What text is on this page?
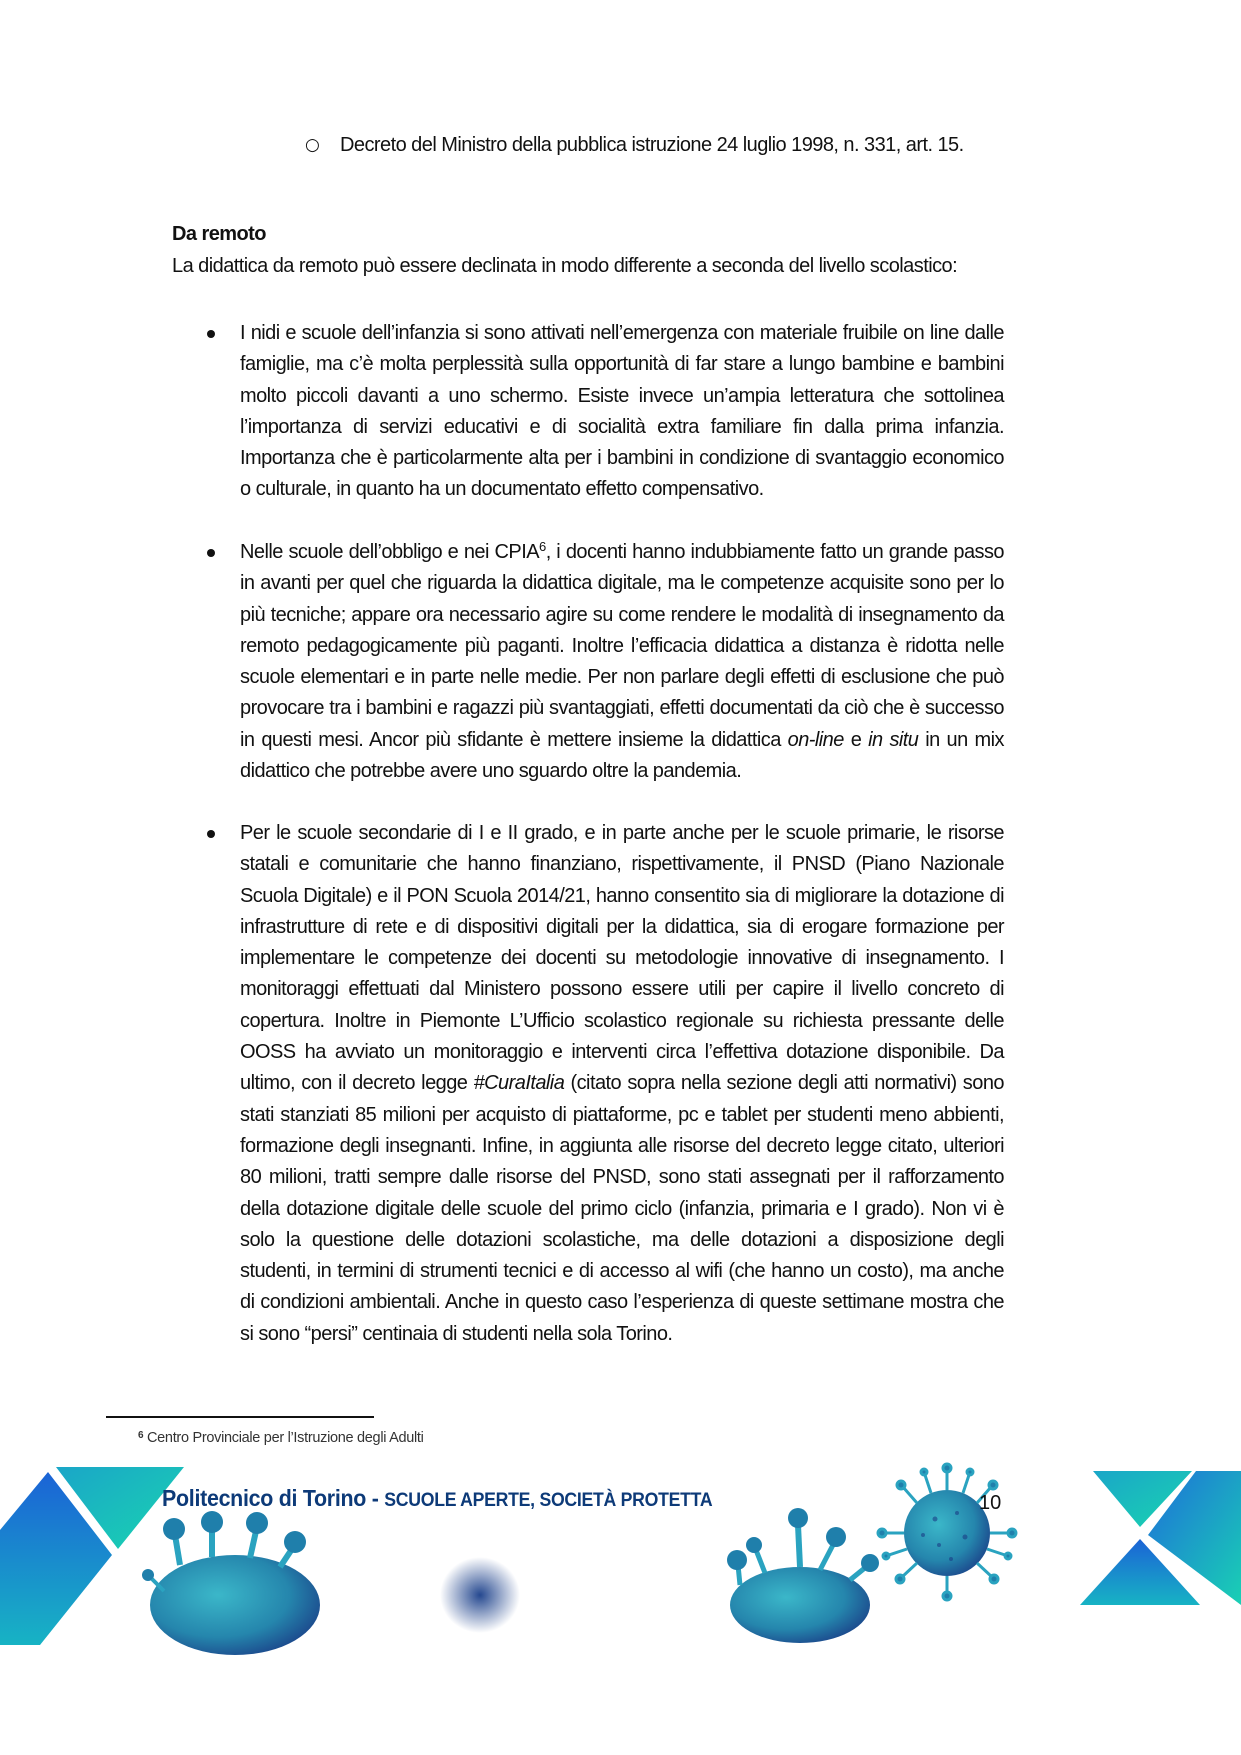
○ Decreto del Ministro della pubblica istruzione 24 luglio 1998, n. 331, art. 15.
Da remoto
La didattica da remoto può essere declinata in modo differente a seconda del livello scolastico:
I nidi e scuole dell’infanzia si sono attivati nell’emergenza con materiale fruibile on line dalle famiglie, ma c’è molta perplessità sulla opportunità di far stare a lungo bambine e bambini molto piccoli davanti a uno schermo. Esiste invece un’ampia letteratura che sottolinea l’importanza di servizi educativi e di socialità extra familiare fin dalla prima infanzia. Importanza che è particolarmente alta per i bambini in condizione di svantaggio economico o culturale, in quanto ha un documentato effetto compensativo.
Nelle scuole dell’obbligo e nei CPIA$^6$, i docenti hanno indubbiamente fatto un grande passo in avanti per quel che riguarda la didattica digitale, ma le competenze acquisite sono per lo più tecniche; appare ora necessario agire su come rendere le modalità di insegnamento da remoto pedagogicamente più paganti. Inoltre l’efficacia didattica a distanza è ridotta nelle scuole elementari e in parte nelle medie. Per non parlare degli effetti di esclusione che può provocare tra i bambini e ragazzi più svantaggiati, effetti documentati da ciò che è successo in questi mesi. Ancor più sfidante è mettere insieme la didattica on-line e in situ in un mix didattico che potrebbe avere uno sguardo oltre la pandemia.
Per le scuole secondarie di I e II grado, e in parte anche per le scuole primarie, le risorse statali e comunitarie che hanno finanziano, rispettivamente, il PNSD (Piano Nazionale Scuola Digitale) e il PON Scuola 2014/21, hanno consentito sia di migliorare la dotazione di infrastrutture di rete e di dispositivi digitali per la didattica, sia di erogare formazione per implementare le competenze dei docenti su metodologie innovative di insegnamento. I monitoraggi effettuati dal Ministero possono essere utili per capire il livello concreto di copertura. Inoltre in Piemonte L’Ufficio scolastico regionale su richiesta pressante delle OOSS ha avviato un monitoraggio e interventi circa l’effettiva dotazione disponibile. Da ultimo, con il decreto legge #CuraItalia (citato sopra nella sezione degli atti normativi) sono stati stanziati 85 milioni per acquisto di piattaforme, pc e tablet per studenti meno abbienti, formazione degli insegnanti. Infine, in aggiunta alle risorse del decreto legge citato, ulteriori 80 milioni, tratti sempre dalle risorse del PNSD, sono stati assegnati per il rafforzamento della dotazione digitale delle scuole del primo ciclo (infanzia, primaria e I grado). Non vi è solo la questione delle dotazioni scolastiche, ma delle dotazioni a disposizione degli studenti, in termini di strumenti tecnici e di accesso al wifi (che hanno un costo), ma anche di condizioni ambientali. Anche in questo caso l’esperienza di queste settimane mostra che si sono “persi” centinaia di studenti nella sola Torino.
$^6$ Centro Provinciale per l’Istruzione degli Adulti
Politecnico di Torino - SCUOLE APERTE, SOCIETÀ PROTETTA	10
